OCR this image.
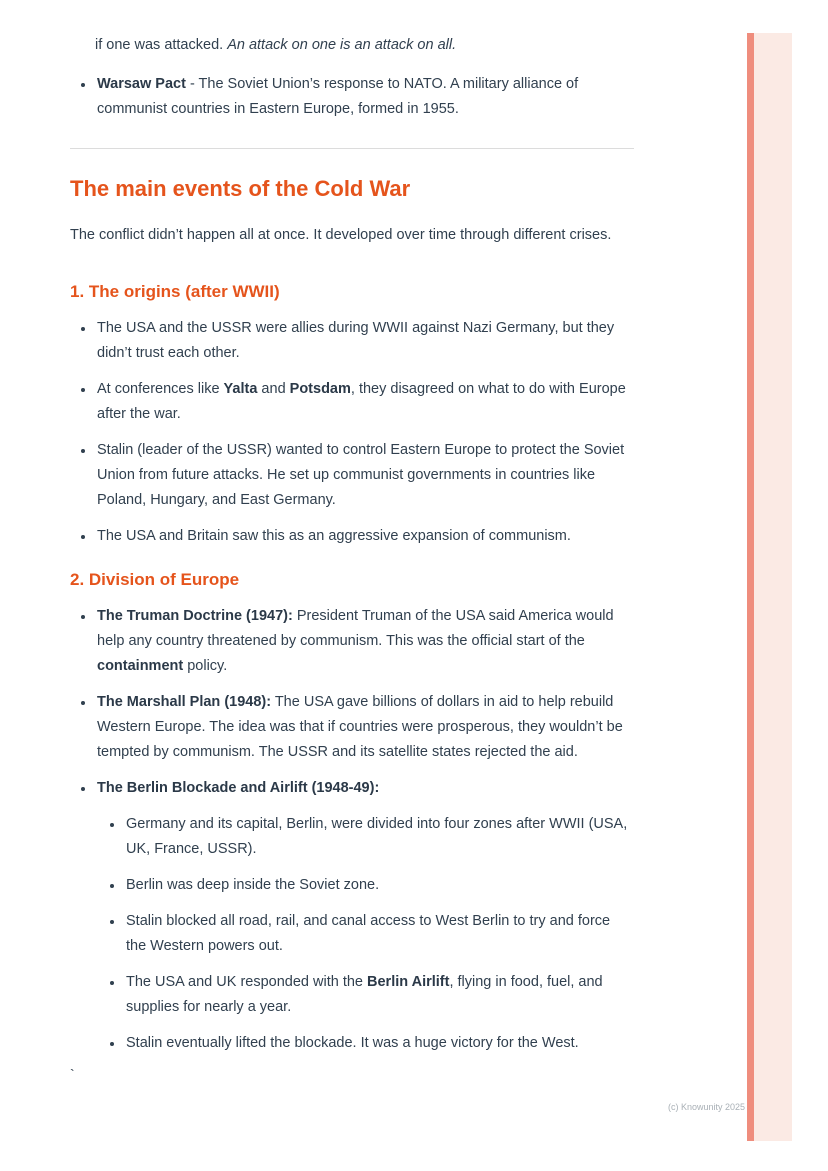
if one was attacked. An attack on one is an attack on all.

• Warsaw Pact - The Soviet Union’s response to NATO. A military alliance of communist countries in Eastern Europe, formed in 1955.
The main events of the Cold War

The conflict didn’t happen all at once. It developed over time through different crises.

1. The origins (after WWII)
• The USA and the USSR were allies during WWII against Nazi Germany, but they didn’t trust each other.
• At conferences like Yalta and Potsdam, they disagreed on what to do with Europe after the war.
• Stalin (leader of the USSR) wanted to control Eastern Europe to protect the Soviet Union from future attacks. He set up communist governments in countries like Poland, Hungary, and East Germany.
• The USA and Britain saw this as an aggressive expansion of communism.
2. Division of Europe
• The Truman Doctrine (1947): President Truman of the USA said America would help any country threatened by communism. This was the official start of the containment policy.
• The Marshall Plan (1948): The USA gave billions of dollars in aid to help rebuild Western Europe. The idea was that if countries were prosperous, they wouldn’t be tempted by communism. The USSR and its satellite states rejected the aid.
• The Berlin Blockade and Airlift (1948-49):
• Germany and its capital, Berlin, were divided into four zones after WWII (USA, UK, France, USSR).
• Berlin was deep inside the Soviet zone.
• Stalin blocked all road, rail, and canal access to West Berlin to try and force the Western powers out.
• The USA and UK responded with the Berlin Airlift, flying in food, fuel, and supplies for nearly a year.
• Stalin eventually lifted the blockade. It was a huge victory for the West.
`
(c) Knowunity 2025
